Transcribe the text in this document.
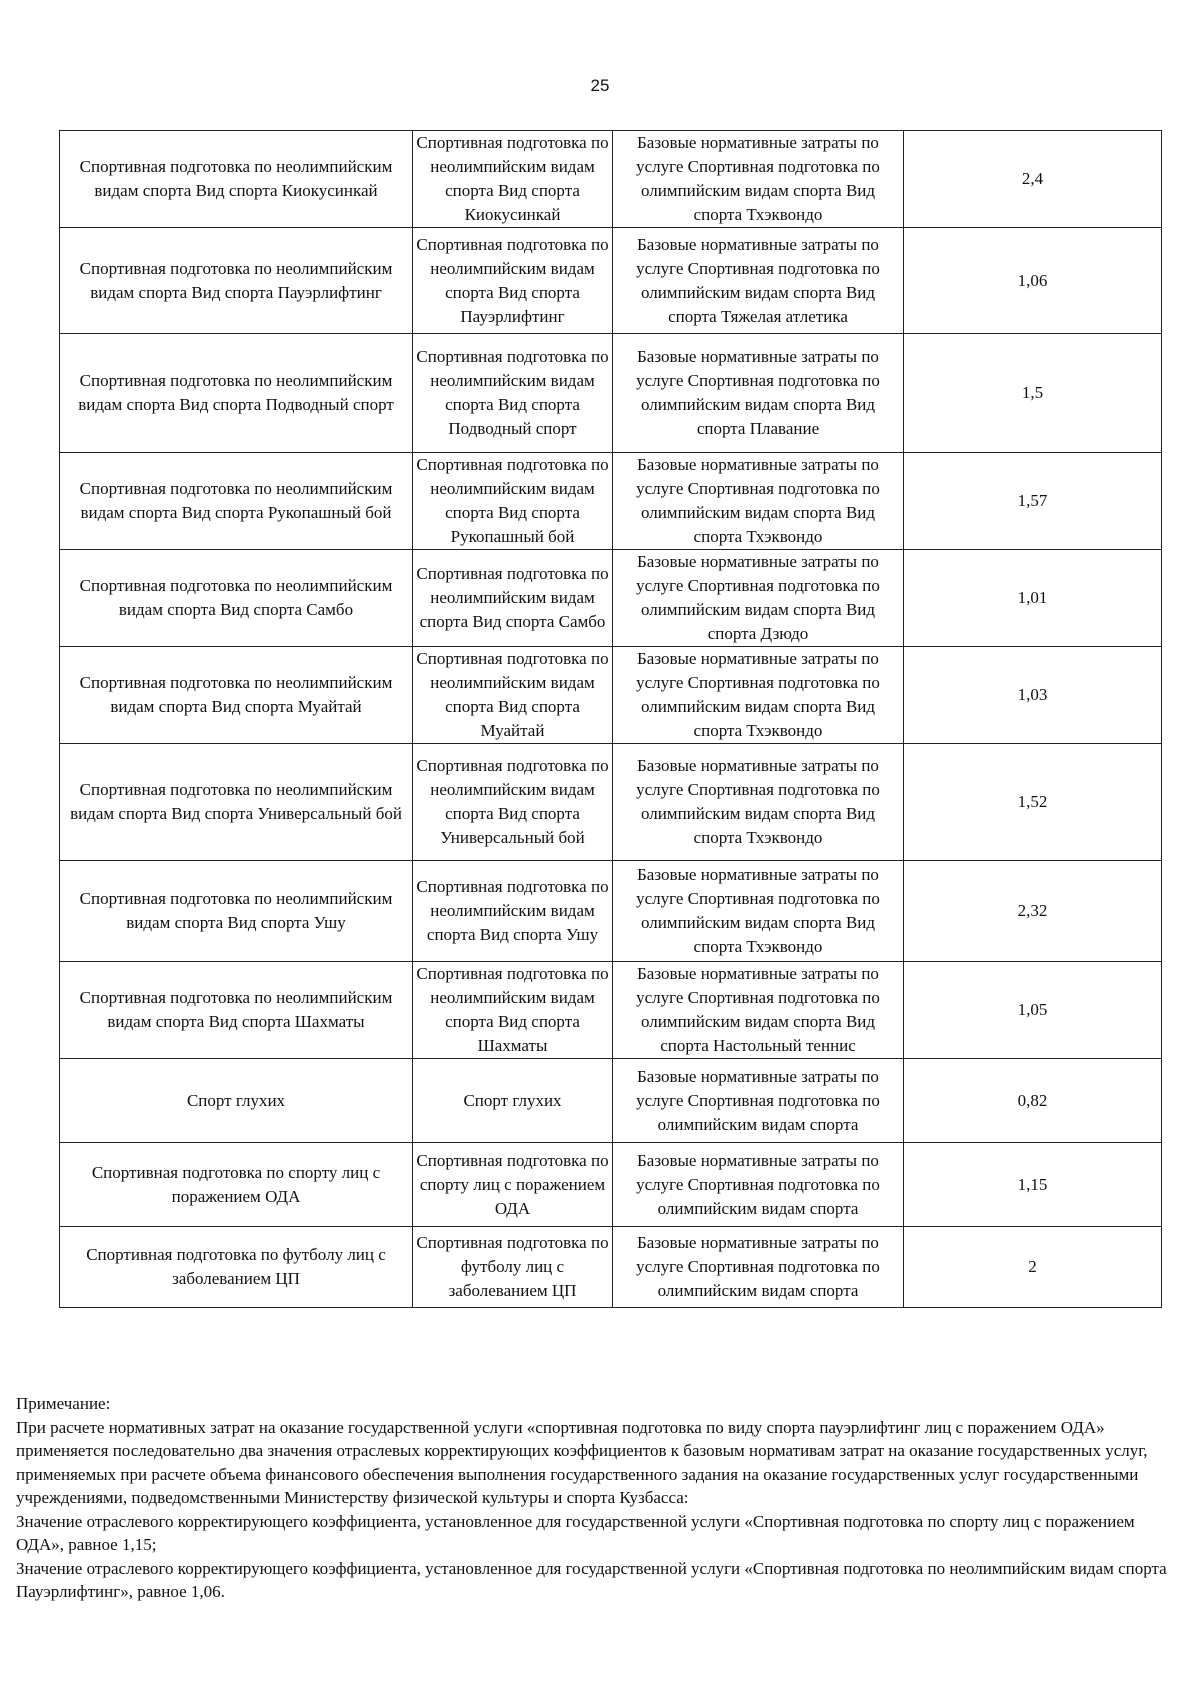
25
Спортивная подготовка по неолимпийским видам спорта Вид спорта Киокусинкай	Спортивная подготовка по неолимпийским видам спорта Вид спорта Киокусинкай	Базовые нормативные затраты по услуге Спортивная подготовка по олимпийским видам спорта Вид спорта Тхэквондо	2,4
Спортивная подготовка по неолимпийским видам спорта Вид спорта Пауэрлифтинг	Спортивная подготовка по неолимпийским видам спорта Вид спорта Пауэрлифтинг	Базовые нормативные затраты по услуге Спортивная подготовка по олимпийским видам спорта Вид спорта Тяжелая атлетика	1,06
Спортивная подготовка по неолимпийским видам спорта Вид спорта Подводный спорт	Спортивная подготовка по неолимпийским видам спорта Вид спорта Подводный спорт	Базовые нормативные затраты по услуге Спортивная подготовка по олимпийским видам спорта Вид спорта Плавание	1,5
Спортивная подготовка по неолимпийским видам спорта Вид спорта Рукопашный бой	Спортивная подготовка по неолимпийским видам спорта Вид спорта Рукопашный бой	Базовые нормативные затраты по услуге Спортивная подготовка по олимпийским видам спорта Вид спорта Тхэквондо	1,57
Спортивная подготовка по неолимпийским видам спорта Вид спорта Самбо	Спортивная подготовка по неолимпийским видам спорта Вид спорта Самбо	Базовые нормативные затраты по услуге Спортивная подготовка по олимпийским видам спорта Вид спорта Дзюдо	1,01
Спортивная подготовка по неолимпийским видам спорта Вид спорта Муайтай	Спортивная подготовка по неолимпийским видам спорта Вид спорта Муайтай	Базовые нормативные затраты по услуге Спортивная подготовка по олимпийским видам спорта Вид спорта Тхэквондо	1,03
Спортивная подготовка по неолимпийским видам спорта Вид спорта Универсальный бой	Спортивная подготовка по неолимпийским видам спорта Вид спорта Универсальный бой	Базовые нормативные затраты по услуге Спортивная подготовка по олимпийским видам спорта Вид спорта Тхэквондо	1,52
Спортивная подготовка по неолимпийским видам спорта Вид спорта Ушу	Спортивная подготовка по неолимпийским видам спорта Вид спорта Ушу	Базовые нормативные затраты по услуге Спортивная подготовка по олимпийским видам спорта Вид спорта Тхэквондо	2,32
Спортивная подготовка по неолимпийским видам спорта Вид спорта Шахматы	Спортивная подготовка по неолимпийским видам спорта Вид спорта Шахматы	Базовые нормативные затраты по услуге Спортивная подготовка по олимпийским видам спорта Вид спорта Настольный теннис	1,05
Спорт глухих	Спорт глухих	Базовые нормативные затраты по услуге Спортивная подготовка по олимпийским видам спорта	0,82
Спортивная подготовка по спорту лиц с поражением ОДА	Спортивная подготовка по спорту лиц с поражением ОДА	Базовые нормативные затраты по услуге Спортивная подготовка по олимпийским видам спорта	1,15
Спортивная подготовка по футболу лиц с заболеванием ЦП	Спортивная подготовка по футболу лиц с заболеванием ЦП	Базовые нормативные затраты по услуге Спортивная подготовка по олимпийским видам спорта	2

Примечание:

При расчете нормативных затрат на оказание государственной услуги «спортивная подготовка по виду спорта пауэрлифтинг лиц с поражением ОДА» применяется последовательно два значения отраслевых корректирующих коэффициентов к базовым нормативам затрат на оказание государственных услуг, применяемых при расчете объема финансового обеспечения выполнения государственного задания на оказание государственных услуг государственными учреждениями, подведомственными Министерству физической культуры и спорта Кузбасса:

Значение отраслевого корректирующего коэффициента, установленное для государственной услуги «Спортивная подготовка по спорту лиц с поражением ОДА», равное 1,15;

Значение отраслевого корректирующего коэффициента, установленное для государственной услуги «Спортивная подготовка по неолимпийским видам спорта Пауэрлифтинг», равное 1,06.
